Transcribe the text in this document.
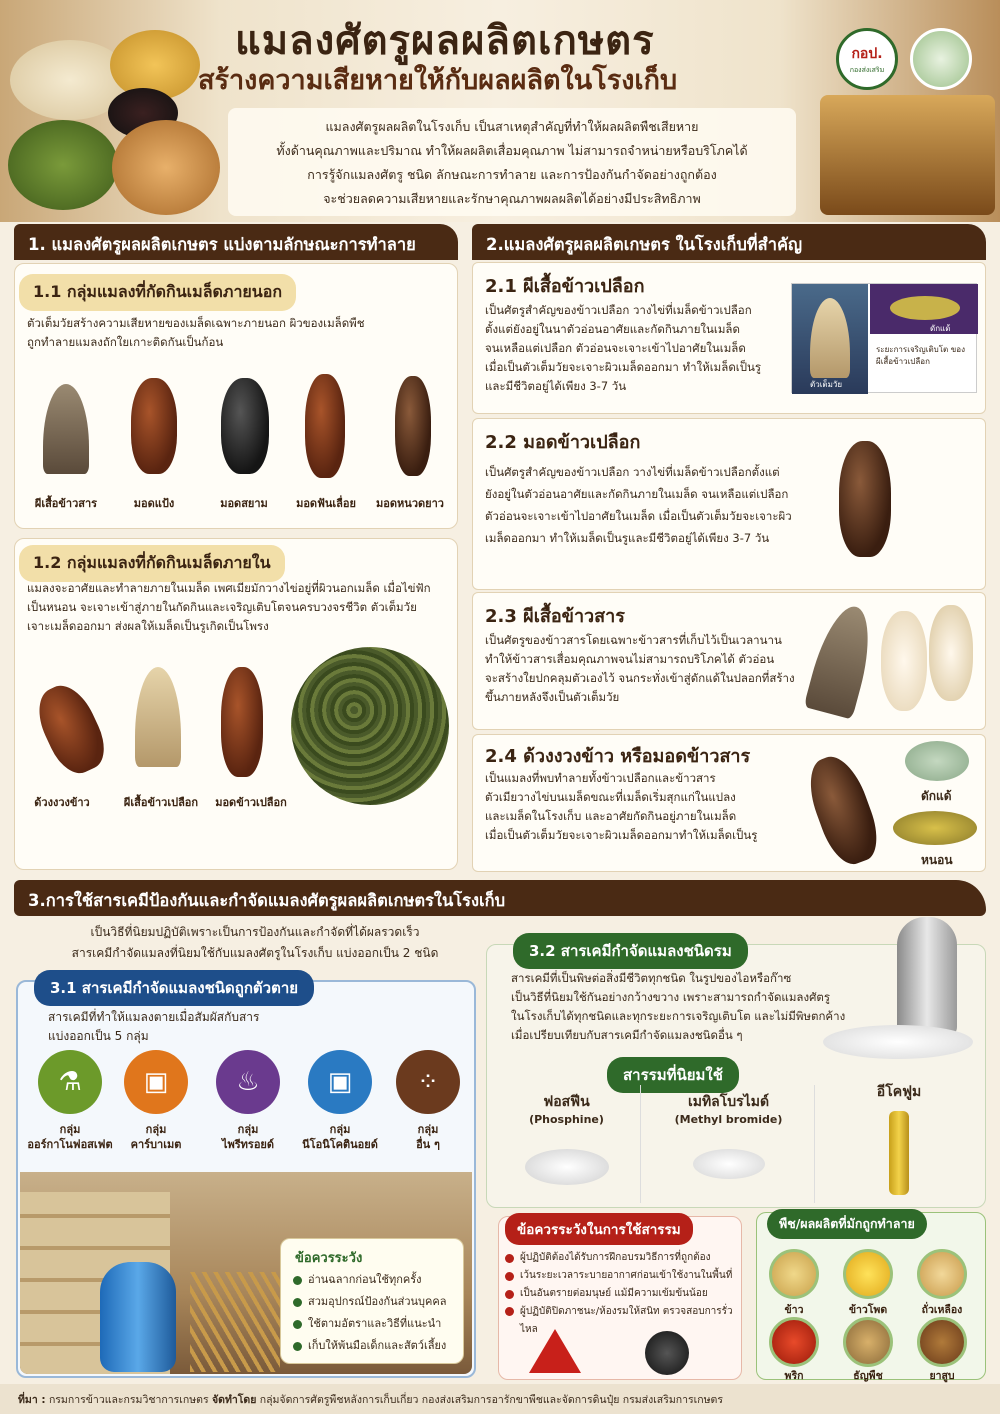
แมลงศัตรูผลผลิตเกษตร
สร้างความเสียหายให้กับผลผลิตในโรงเก็บ
กอป.
กองส่งเสริม
แมลงศัตรูผลผลิตในโรงเก็บ เป็นสาเหตุสำคัญที่ทำให้ผลผลิตพืชเสียหาย
ทั้งด้านคุณภาพและปริมาณ ทำให้ผลผลิตเสื่อมคุณภาพ ไม่สามารถจำหน่ายหรือบริโภคได้
การรู้จักแมลงศัตรู ชนิด ลักษณะการทำลาย และการป้องกันกำจัดอย่างถูกต้อง
จะช่วยลดความเสียหายและรักษาคุณภาพผลผลิตได้อย่างมีประสิทธิภาพ
1. แมลงศัตรูผลผลิตเกษตร แบ่งตามลักษณะการทำลาย
1.1 กลุ่มแมลงที่กัดกินเมล็ดภายนอก
ตัวเต็มวัยสร้างความเสียหายของเมล็ดเฉพาะภายนอก ผิวของเมล็ดพืช
ถูกทำลายแมลงถักใยเกาะติดกันเป็นก้อน
ผีเสื้อข้าวสาร	มอดแป้ง	มอดสยาม	มอดฟันเลื่อย	มอดหนวดยาว
1.2 กลุ่มแมลงที่กัดกินเมล็ดภายใน
แมลงจะอาศัยและทำลายภายในเมล็ด เพศเมียมักวางไข่อยู่ที่ผิวนอกเมล็ด เมื่อไข่ฟัก
เป็นหนอน จะเจาะเข้าสู่ภายในกัดกินและเจริญเติบโตจนครบวงจรชีวิต ตัวเต็มวัย
เจาะเมล็ดออกมา ส่งผลให้เมล็ดเป็นรูเกิดเป็นโพรง
ด้วงงวงข้าว	ผีเสื้อข้าวเปลือก	มอดข้าวเปลือก
2.แมลงศัตรูผลผลิตเกษตร ในโรงเก็บที่สำคัญ
2.1 ผีเสื้อข้าวเปลือก
เป็นศัตรูสำคัญของข้าวเปลือก วางไข่ที่เมล็ดข้าวเปลือก
ตั้งแต่ยังอยู่ในนาตัวอ่อนอาศัยและกัดกินภายในเมล็ด
จนเหลือแต่เปลือก ตัวอ่อนจะเจาะเข้าไปอาศัยในเมล็ด
เมื่อเป็นตัวเต็มวัยจะเจาะผิวเมล็ดออกมา ทำให้เมล็ดเป็นรู
และมีชีวิตอยู่ได้เพียง 3-7 วัน	ตัวเต็มวัย
ดักแด้
ระยะการเจริญเติบโต ของผีเสื้อข้าวเปลือก
2.2 มอดข้าวเปลือก
เป็นศัตรูสำคัญของข้าวเปลือก วางไข่ที่เมล็ดข้าวเปลือกตั้งแต่
ยังอยู่ในตัวอ่อนอาศัยและกัดกินภายในเมล็ด จนเหลือแต่เปลือก
ตัวอ่อนจะเจาะเข้าไปอาศัยในเมล็ด เมื่อเป็นตัวเต็มวัยจะเจาะผิว
เมล็ดออกมา ทำให้เมล็ดเป็นรูและมีชีวิตอยู่ได้เพียง 3-7 วัน
2.3 ผีเสื้อข้าวสาร
เป็นศัตรูของข้าวสารโดยเฉพาะข้าวสารที่เก็บไว้เป็นเวลานาน
ทำให้ข้าวสารเสื่อมคุณภาพจนไม่สามารถบริโภคได้ ตัวอ่อน
จะสร้างใยปกคลุมตัวเองไว้ จนกระทั่งเข้าสู่ดักแด้ในปลอกที่สร้าง
ขึ้นภายหลังจึงเป็นตัวเต็มวัย
2.4 ด้วงงวงข้าว หรือมอดข้าวสาร
เป็นแมลงที่พบทำลายทั้งข้าวเปลือกและข้าวสาร
ตัวเมียวางไข่บนเมล็ดขณะที่เมล็ดเริ่มสุกแก่ในแปลง
และเมล็ดในโรงเก็บ และอาศัยกัดกินอยู่ภายในเมล็ด
เมื่อเป็นตัวเต็มวัยจะเจาะผิวเมล็ดออกมาทำให้เมล็ดเป็นรู
ดักแด้
หนอน
3.การใช้สารเคมีป้องกันและกำจัดแมลงศัตรูผลผลิตเกษตรในโรงเก็บ
เป็นวิธีที่นิยมปฏิบัติเพราะเป็นการป้องกันและกำจัดที่ได้ผลรวดเร็ว
สารเคมีกำจัดแมลงที่นิยมใช้กับแมลงศัตรูในโรงเก็บ แบ่งออกเป็น 2 ชนิด
3.1 สารเคมีกำจัดแมลงชนิดถูกตัวตาย
สารเคมีที่ทำให้แมลงตายเมื่อสัมผัสกับสาร
แบ่งออกเป็น 5 กลุ่ม
⚗	▣	♨	▣	⁘
กลุ่ม
ออร์กาโนฟอสเฟต
กลุ่ม
คาร์บาเมต
กลุ่ม
ไพรีทรอยด์
กลุ่ม
นีโอนิโคตินอยด์
กลุ่ม
อื่น ๆ
ข้อควรระวัง
อ่านฉลากก่อนใช้ทุกครั้ง
สวมอุปกรณ์ป้องกันส่วนบุคคล
ใช้ตามอัตราและวิธีที่แนะนำ
เก็บให้พ้นมือเด็กและสัตว์เลี้ยง
3.2 สารเคมีกำจัดแมลงชนิดรม
สารเคมีที่เป็นพิษต่อสิ่งมีชีวิตทุกชนิด ในรูปของไอหรือก๊าซ
เป็นวิธีที่นิยมใช้กันอย่างกว้างขวาง เพราะสามารถกำจัดแมลงศัตรู
ในโรงเก็บได้ทุกชนิดและทุกระยะการเจริญเติบโต และไม่มีพิษตกค้าง
เมื่อเปรียบเทียบกับสารเคมีกำจัดแมลงชนิดอื่น ๆ
สารรมที่นิยมใช้
ฟอสฟีน
(Phosphine)
เมทิลโบรไมด์
(Methyl bromide)
อีโคฟูม
ข้อควรระวังในการใช้สารรม
ผู้ปฏิบัติต้องได้รับการฝึกอบรมวิธีการที่ถูกต้อง
เว้นระยะเวลาระบายอากาศก่อนเข้าใช้งานในพื้นที่
เป็นอันตรายต่อมนุษย์ แม้มีความเข้มข้นน้อย
ผู้ปฏิบัติปิดภาชนะ/ห้องรมให้สนิท ตรวจสอบการรั่วไหล
พืช/ผลผลิตที่มักถูกทำลาย
ข้าว	ข้าวโพด	ถั่วเหลือง
พริก	ธัญพืช	ยาสูบ
ที่มา : กรมการข้าวและกรมวิชาการเกษตร จัดทำโดย กลุ่มจัดการศัตรูพืชหลังการเก็บเกี่ยว กองส่งเสริมการอารักขาพืชและจัดการดินปุ๋ย กรมส่งเสริมการเกษตร
